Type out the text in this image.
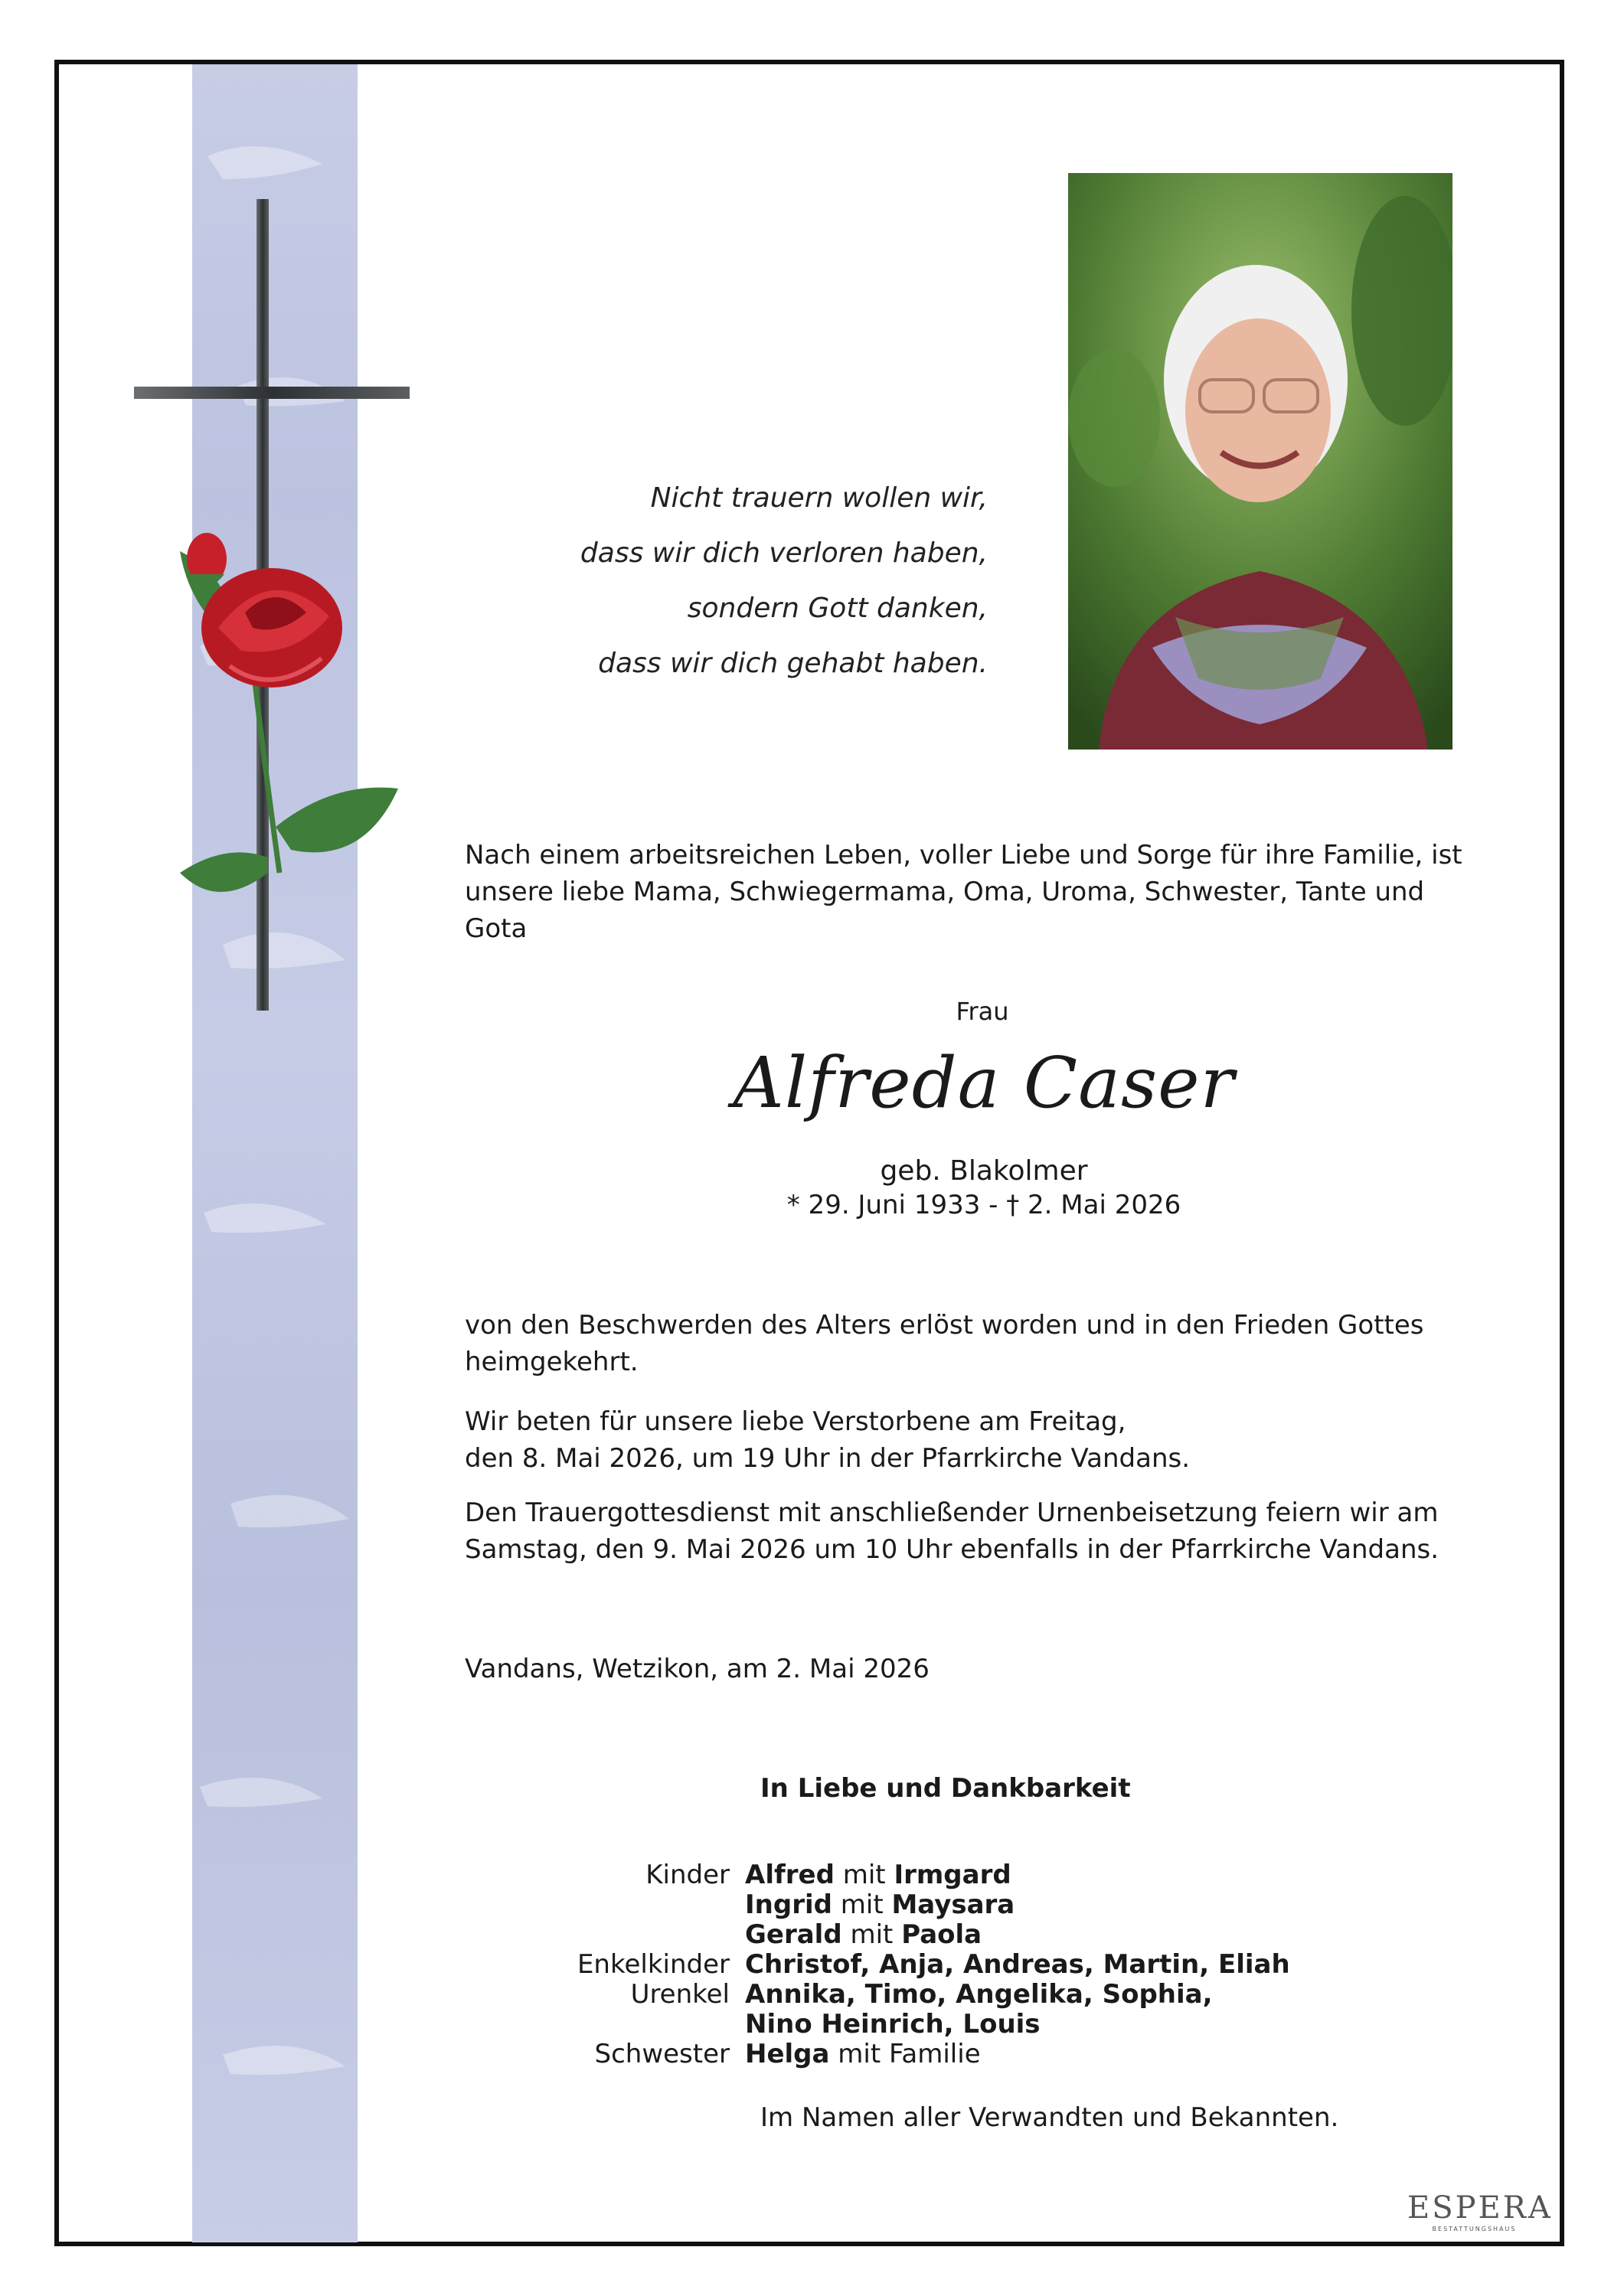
Nicht trauern wollen wir,
dass wir dich verloren haben,
sondern Gott danken,
dass wir dich gehabt haben.
Nach einem arbeitsreichen Leben, voller Liebe und Sorge für ihre Familie, ist
unsere liebe Mama, Schwiegermama, Oma, Uroma, Schwester, Tante und Gota
Frau
Alfreda Caser
geb. Blakolmer
* 29. Juni 1933 - † 2. Mai 2026
von den Beschwerden des Alters erlöst worden und in den Frieden Gottes
heimgekehrt.
Wir beten für unsere liebe Verstorbene am Freitag,
den 8. Mai 2026, um 19 Uhr in der Pfarrkirche Vandans.
Den Trauergottesdienst mit anschließender Urnenbeisetzung feiern wir am
Samstag, den 9. Mai 2026 um 10 Uhr ebenfalls in der Pfarrkirche Vandans.
Vandans, Wetzikon, am 2. Mai 2026
In Liebe und Dankbarkeit
Kinder Alfred mit Irmgard
Ingrid mit Maysara
Gerald mit Paola
Enkelkinder Christof, Anja, Andreas, Martin, Eliah
Urenkel Annika, Timo, Angelika, Sophia,
Nino Heinrich, Louis
Schwester Helga mit Familie
Im Namen aller Verwandten und Bekannten.
ESPERA
BESTATTUNGSHAUS
